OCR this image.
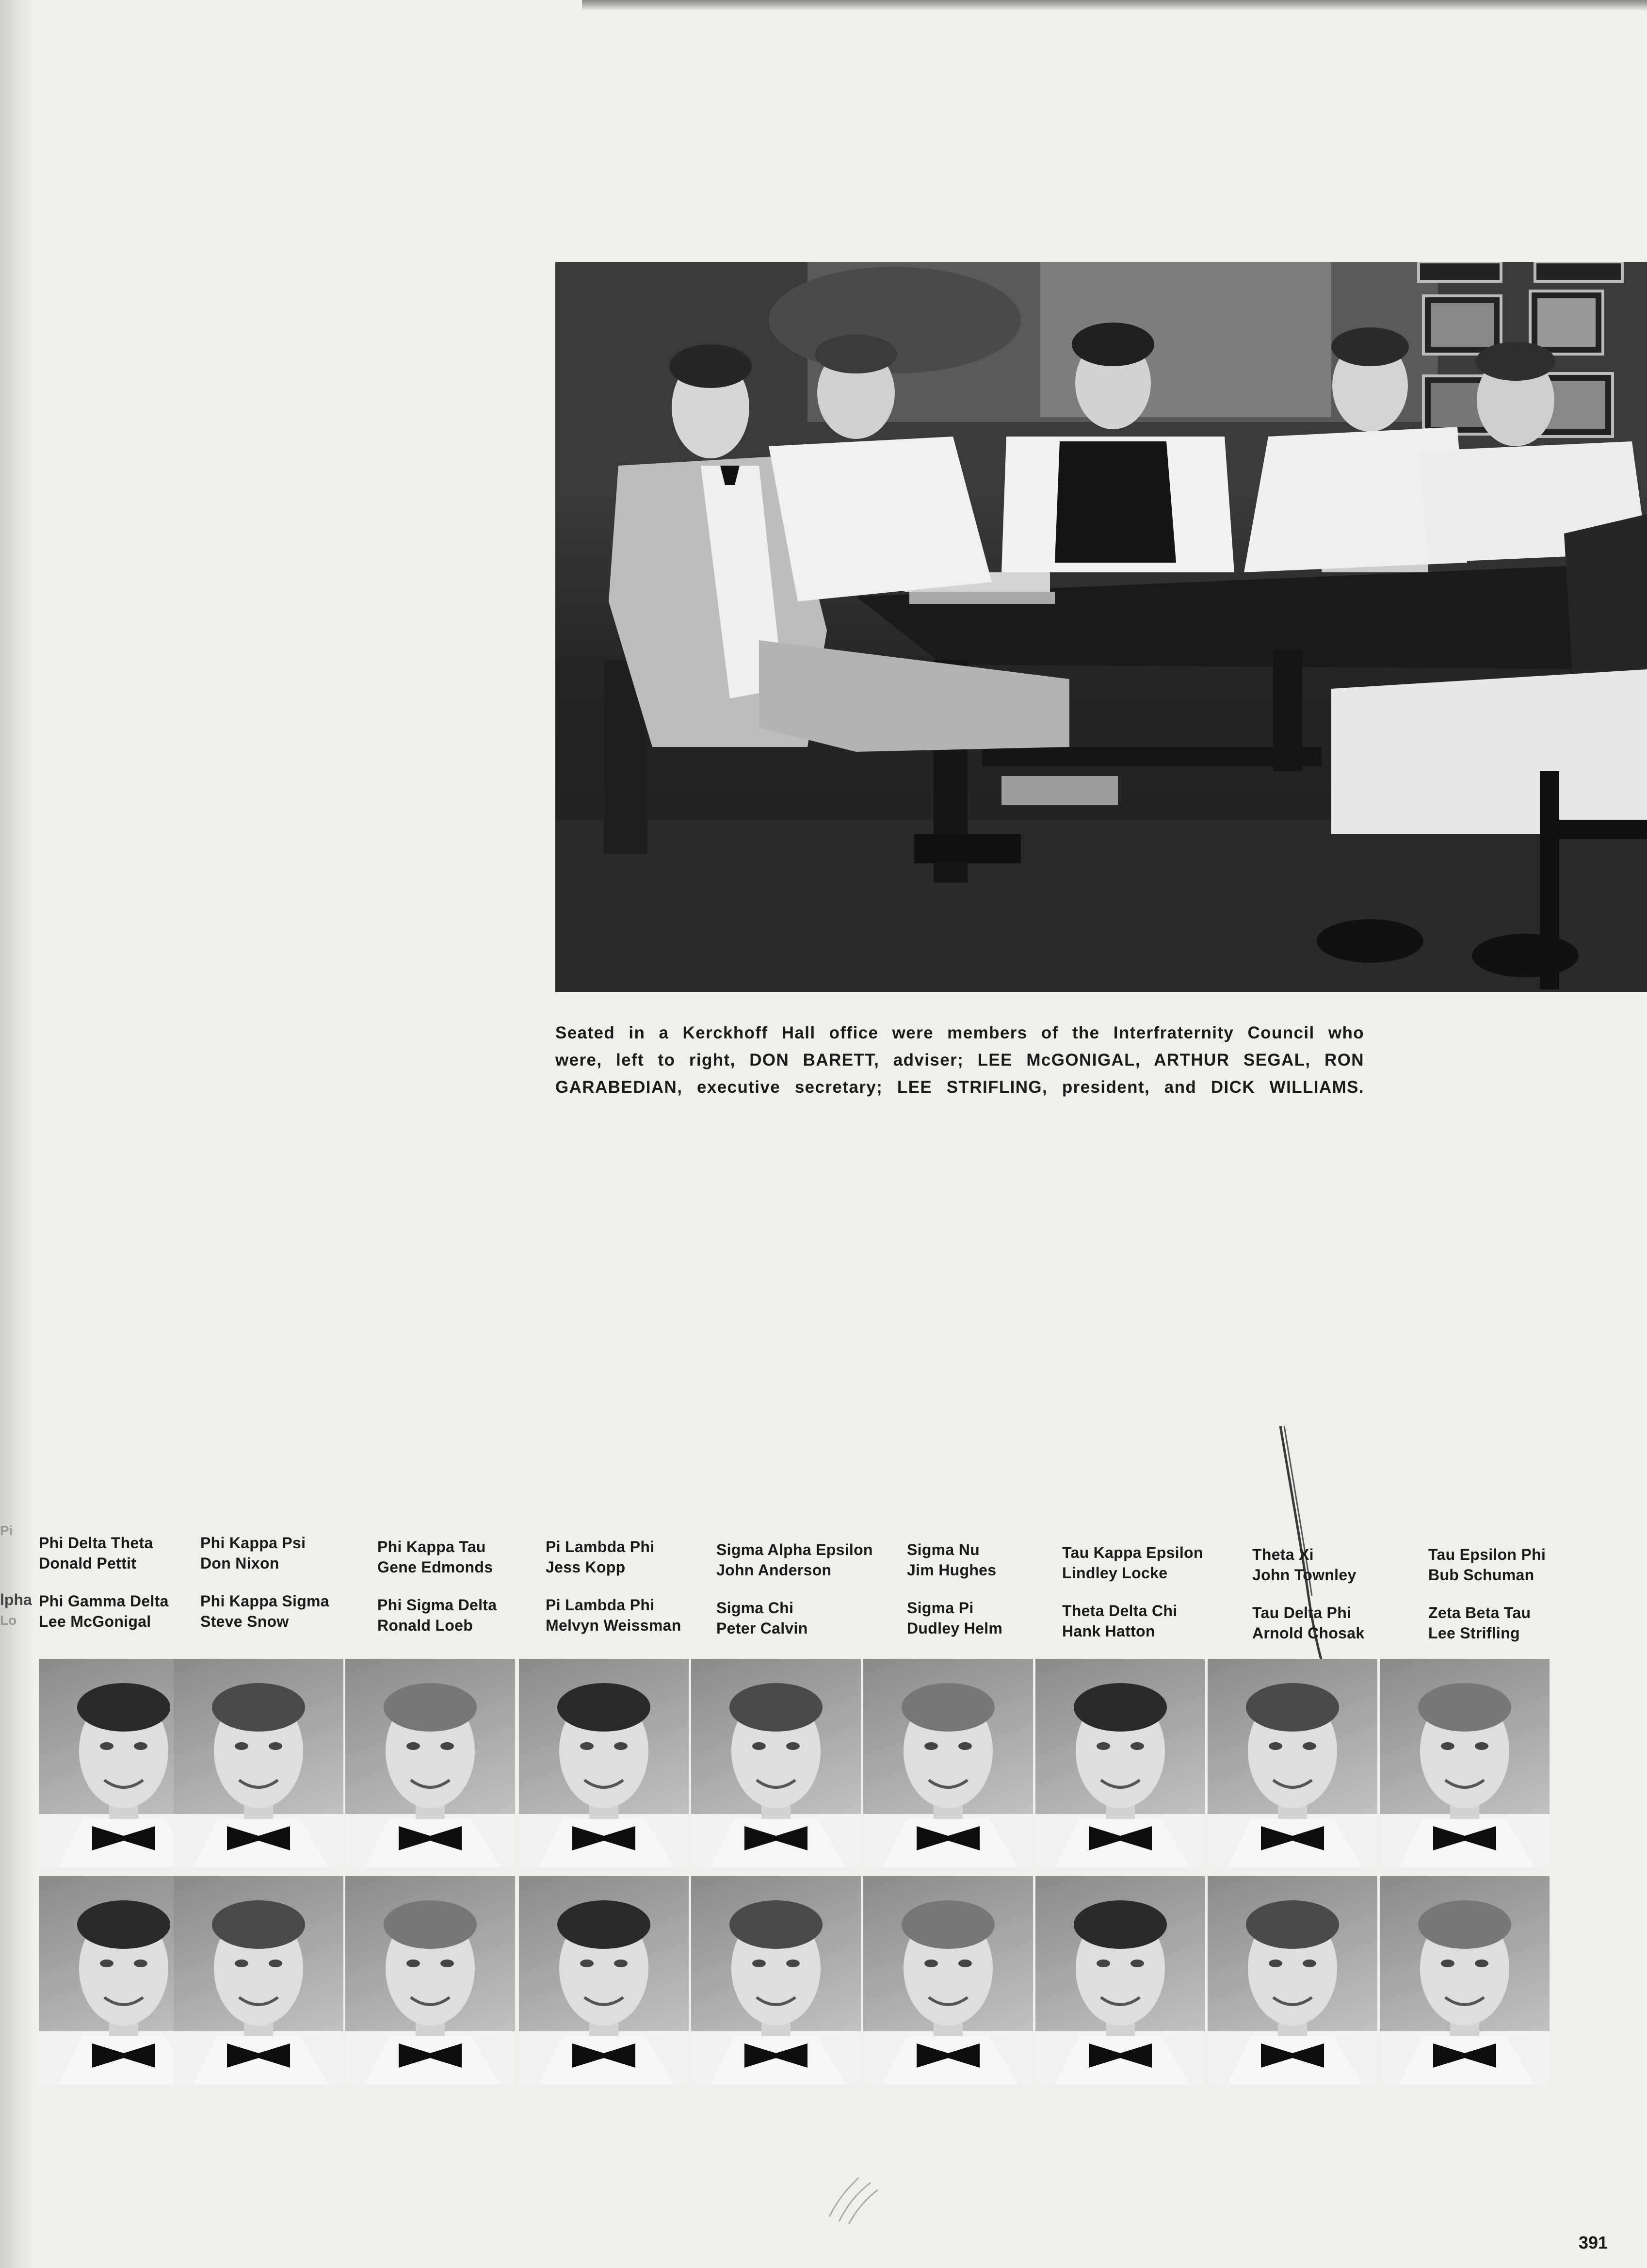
lpha
Pi
Lo
Seated in a Kerckhoff Hall office were members of the Interfraternity Council who
were, left to right, DON BARETT, adviser; LEE McGONIGAL, ARTHUR SEGAL, RON
GARABEDIAN, executive secretary; LEE STRIFLING, president, and DICK WILLIAMS.
Phi Delta Theta
Donald Pettit
Phi Gamma Delta
Lee McGonigal
Phi Kappa Psi
Don Nixon
Phi Kappa Sigma
Steve Snow
Phi Kappa Tau
Gene Edmonds
Phi Sigma Delta
Ronald Loeb
Pi Lambda Phi
Jess Kopp
Pi Lambda Phi
Melvyn Weissman
Sigma Alpha Epsilon
John Anderson
Sigma Chi
Peter Calvin
Sigma Nu
Jim Hughes
Sigma Pi
Dudley Helm
Tau Kappa Epsilon
Lindley Locke
Theta Delta Chi
Hank Hatton
Theta Xi
John Townley
Tau Delta Phi
Arnold Chosak
Tau Epsilon Phi
Bub Schuman
Zeta Beta Tau
Lee Strifling
391
